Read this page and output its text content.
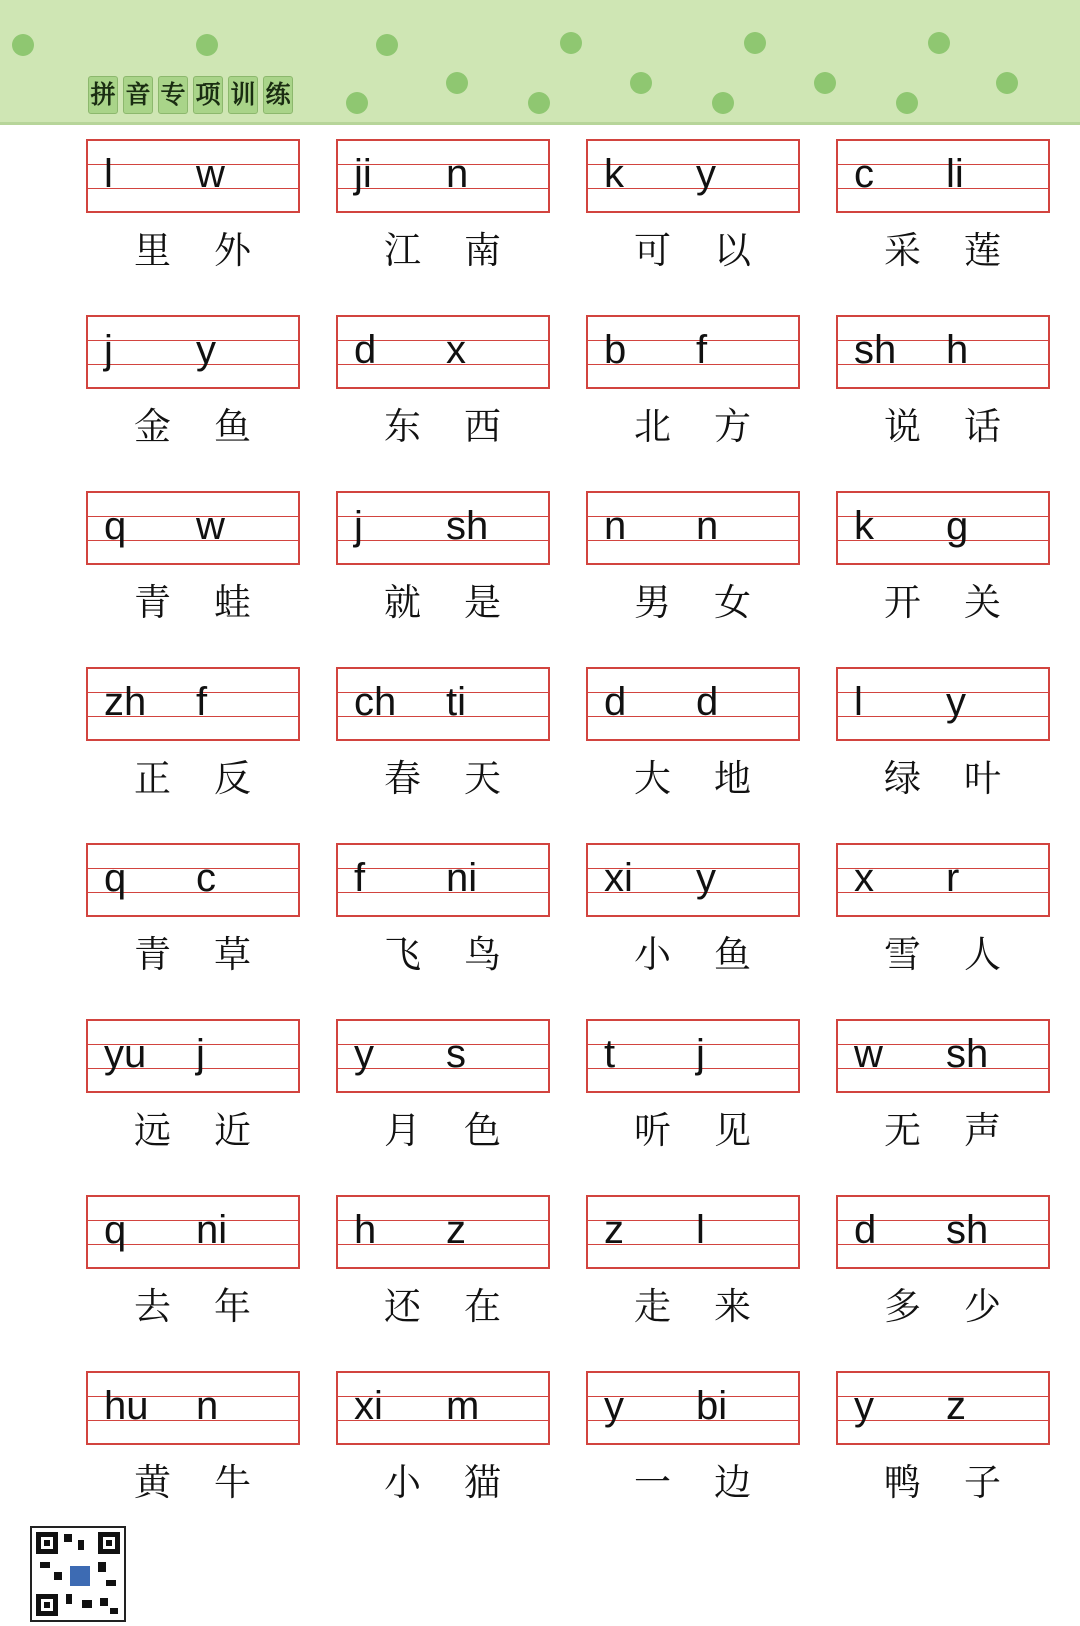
拼 音 专 项 训 练
l w
里 外
ji n
江 南
k y
可 以
c li
采 莲
j y
金 鱼
d x
东 西
b f
北 方
sh h
说 话
q w
青 蛙
j sh
就 是
n n
男 女
k g
开 关
zh f
正 反
ch ti
春 天
d d
大 地
l y
绿 叶
q c
青 草
f ni
飞 鸟
xi y
小 鱼
x r
雪 人
yu j
远 近
y s
月 色
t j
听 见
w sh
无 声
q ni
去 年
h z
还 在
z l
走 来
d sh
多 少
hu n
黄 牛
xi m
小 猫
y bi
一 边
y z
鸭 子
